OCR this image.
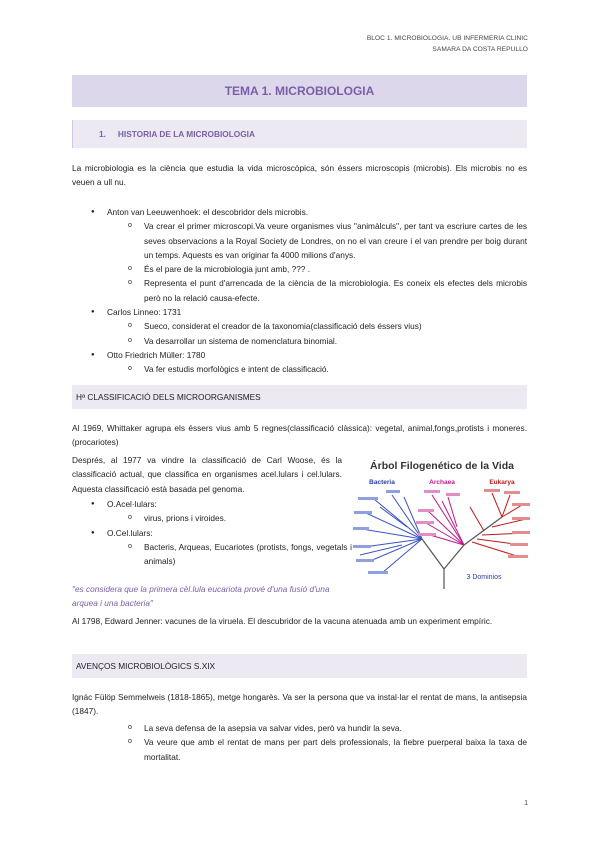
BLOC 1. MICROBIOLOGIA. UB INFERMERIA CLINIC
SAMARA DA COSTA REPULLO
TEMA 1. MICROBIOLOGIA
1. HISTORIA DE LA MICROBIOLOGIA
La microbiologia es la ciència que estudia la vida microscòpica, són éssers microscopis (microbis). Els microbis no es veuen a ull nu.
● Anton van Leeuwenhoek: el descobridor dels microbis.
o Va crear el primer microscopi.Va veure organismes vius "animàlculs", per tant va escriure cartes de les seves observacions a la Royal Society de Londres, on no el van creure i el van prendre per boig durant un temps. Aquests es van originar fa 4000 milions d'anys.
o És el pare de la microbiologia junt amb, ??? .
o Representa el punt d'arrencada de la ciència de la microbiologia. Es coneix els efectes dels microbis però no la relació causa-efecte.
● Carlos Linneo: 1731
o Sueco, considerat el creador de la taxonomia(classificació dels éssers vius)
o Va desarrollar un sistema de nomenclatura binomial.
● Otto Friedrich Müller: 1780
o Va fer estudis morfològics e intent de classificació.
Hª CLASSIFICACIÓ DELS MICROORGANISMES
Al 1969, Whittaker agrupa els éssers vius amb 5 regnes(classificació clàssica): vegetal, animal,fongs,protists i moneres.(procariotes)
Després, al 1977 va vindre la classificació de Carl Woose, és la classificació actual, que classifica en organismes acel.lulars i cel.lulars. Aquesta classificació està basada pel genoma.
● O.Acel·lulars:
o virus, prions i viroides.
● O.Cel.lulars:
o Bacteris, Arqueas, Eucariotes (protists, fongs, vegetals i animals)
Árbol Filogenético de la Vida
Bacteria	Archaea	Eukarya
3 Dominios
"es considera que la primera cèl.lula eucariota prové d'una fusió d'una arquea i una bacteria"
Al 1798, Edward Jenner: vacunes de la viruela. El descubridor de la vacuna atenuada amb un experiment empíric.
AVENÇOS MICROBIOLÒGICS S.XIX
Ignác Fülöp Semmelweis (1818-1865), metge hongarès. Va ser la persona que va instal·lar el rentat de mans, la antisepsia (1847).
o La seva defensa de la asepsia va salvar vides, però va hundir la seva.
o Va veure que amb el rentat de mans per part dels professionals, la fiebre puerperal baixa la taxa de mortalitat.
1
